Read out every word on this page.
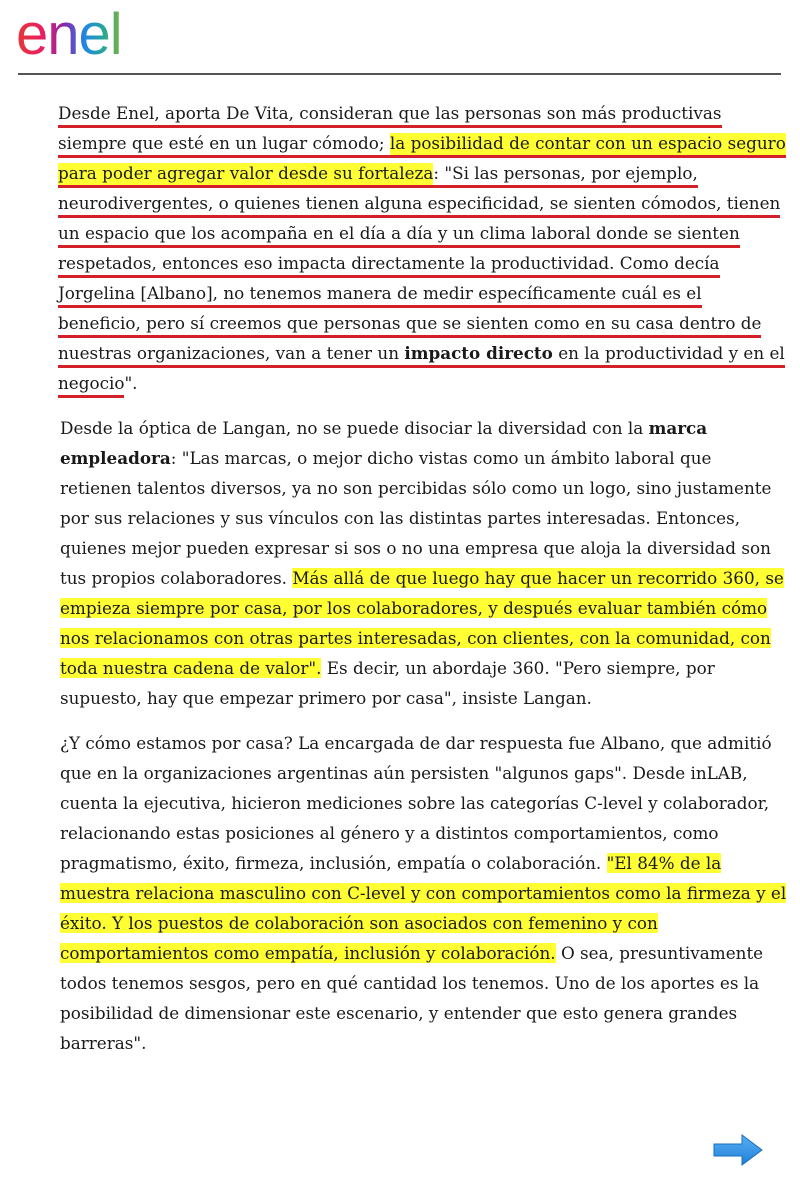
enel
Desde Enel, aporta De Vita, consideran que las personas son más productivas
siempre que esté en un lugar cómodo; la posibilidad de contar con un espacio seguro
para poder agregar valor desde su fortaleza: "Si las personas, por ejemplo,
neurodivergentes, o quienes tienen alguna especificidad, se sienten cómodos, tienen
un espacio que los acompaña en el día a día y un clima laboral donde se sienten
respetados, entonces eso impacta directamente la productividad. Como decía
Jorgelina [Albano], no tenemos manera de medir específicamente cuál es el
beneficio, pero sí creemos que personas que se sienten como en su casa dentro de
nuestras organizaciones, van a tener un impacto directo en la productividad y en el
negocio".
Desde la óptica de Langan, no se puede disociar la diversidad con la marca
empleadora: "Las marcas, o mejor dicho vistas como un ámbito laboral que
retienen talentos diversos, ya no son percibidas sólo como un logo, sino justamente
por sus relaciones y sus vínculos con las distintas partes interesadas. Entonces,
quienes mejor pueden expresar si sos o no una empresa que aloja la diversidad son
tus propios colaboradores. Más allá de que luego hay que hacer un recorrido 360, se
empieza siempre por casa, por los colaboradores, y después evaluar también cómo
nos relacionamos con otras partes interesadas, con clientes, con la comunidad, con
toda nuestra cadena de valor". Es decir, un abordaje 360. "Pero siempre, por
supuesto, hay que empezar primero por casa", insiste Langan.
¿Y cómo estamos por casa? La encargada de dar respuesta fue Albano, que admitió
que en la organizaciones argentinas aún persisten "algunos gaps". Desde inLAB,
cuenta la ejecutiva, hicieron mediciones sobre las categorías C-level y colaborador,
relacionando estas posiciones al género y a distintos comportamientos, como
pragmatismo, éxito, firmeza, inclusión, empatía o colaboración. "El 84% de la
muestra relaciona masculino con C-level y con comportamientos como la firmeza y el
éxito. Y los puestos de colaboración son asociados con femenino y con
comportamientos como empatía, inclusión y colaboración. O sea, presuntivamente
todos tenemos sesgos, pero en qué cantidad los tenemos. Uno de los aportes es la
posibilidad de dimensionar este escenario, y entender que esto genera grandes
barreras".
